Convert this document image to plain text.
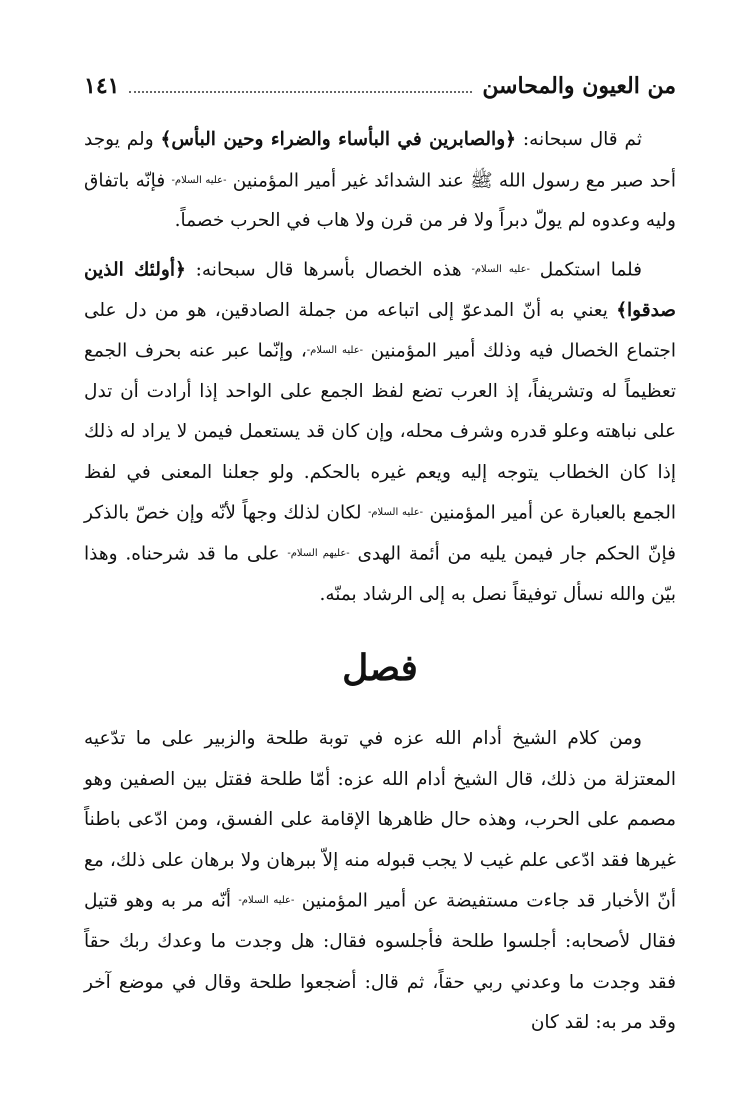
من العيون والمحاسن
١٤١

ثم قال سبحانه: ﴿والصابرين في البأساء والضراء وحين البأس﴾ ولم يوجد أحد صبر مع رسول الله ﷺ عند الشدائد غير أمير المؤمنين -عليه السلام- فإنّه باتفاق وليه وعدوه لم يولّ دبراً ولا فر من قرن ولا هاب في الحرب خصماً.

فلما استكمل -عليه السلام- هذه الخصال بأسرها قال سبحانه: ﴿أولئك الذين صدقوا﴾ يعني به أنّ المدعوّ إلى اتباعه من جملة الصادقين، هو من دل على اجتماع الخصال فيه وذلك أمير المؤمنين -عليه السلام-، وإنّما عبر عنه بحرف الجمع تعظيماً له وتشريفاً، إذ العرب تضع لفظ الجمع على الواحد إذا أرادت أن تدل على نباهته وعلو قدره وشرف محله، وإن كان قد يستعمل فيمن لا يراد له ذلك إذا كان الخطاب يتوجه إليه ويعم غيره بالحكم. ولو جعلنا المعنى في لفظ الجمع بالعبارة عن أمير المؤمنين -عليه السلام- لكان لذلك وجهاً لأنّه وإن خصّ بالذكر فإنّ الحكم جار فيمن يليه من أئمة الهدى -عليهم السلام- على ما قد شرحناه. وهذا بيّن والله نسأل توفيقاً نصل به إلى الرشاد بمنّه.

فصل

ومن كلام الشيخ أدام الله عزه في توبة طلحة والزبير على ما تدّعيه المعتزلة من ذلك، قال الشيخ أدام الله عزه: أمّا طلحة فقتل بين الصفين وهو مصمم على الحرب، وهذه حال ظاهرها الإقامة على الفسق، ومن ادّعى باطناً غيرها فقد ادّعى علم غيب لا يجب قبوله منه إلاّ ببرهان ولا برهان على ذلك، مع أنّ الأخبار قد جاءت مستفيضة عن أمير المؤمنين -عليه السلام- أنّه مر به وهو قتيل فقال لأصحابه: أجلسوا طلحة فأجلسوه فقال: هل وجدت ما وعدك ربك حقاً فقد وجدت ما وعدني ربي حقاً، ثم قال: أضجعوا طلحة وقال في موضع آخر وقد مر به: لقد كان
